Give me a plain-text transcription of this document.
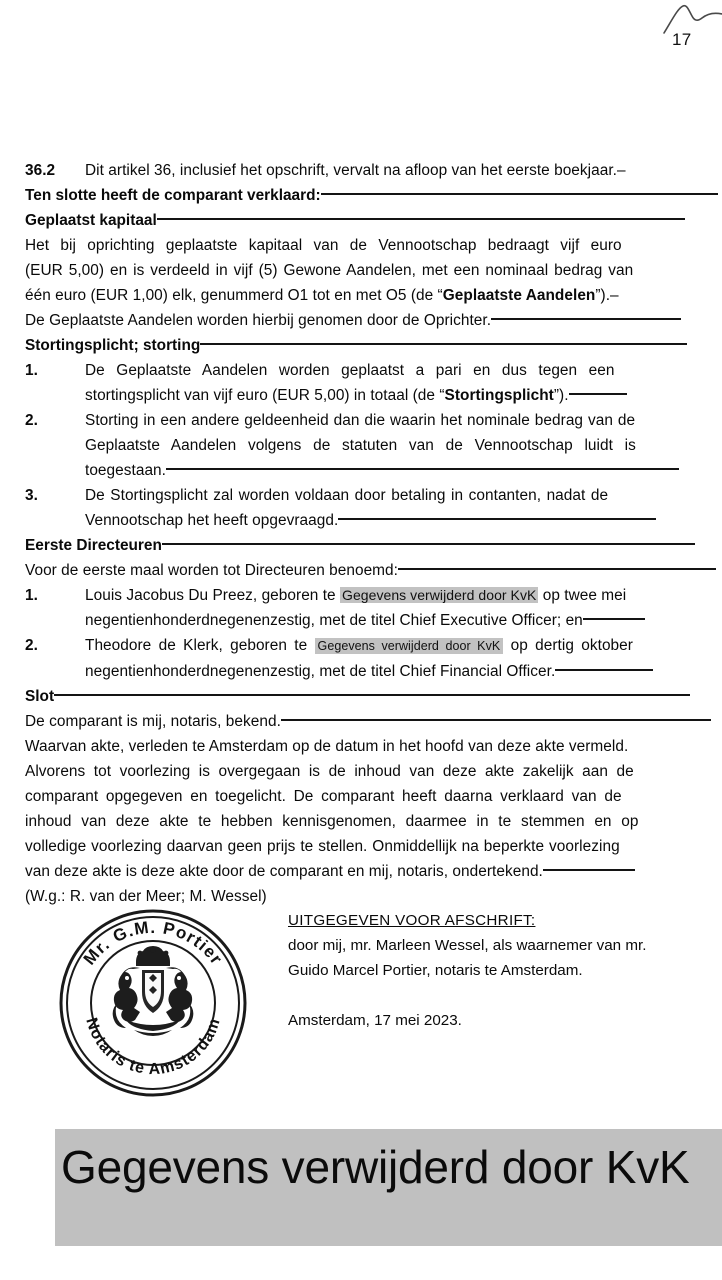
17
36.2 Dit artikel 36, inclusief het opschrift, vervalt na afloop van het eerste boekjaar.–
Ten slotte heeft de comparant verklaard:
Geplaatst kapitaal
Het bij oprichting geplaatste kapitaal van de Vennootschap bedraagt vijf euro
(EUR 5,00) en is verdeeld in vijf (5) Gewone Aandelen, met een nominaal bedrag van
één euro (EUR 1,00) elk, genummerd O1 tot en met O5 (de “Geplaatste Aandelen”).–
De Geplaatste Aandelen worden hierbij genomen door de Oprichter.
Stortingsplicht; storting
1.	De Geplaatste Aandelen worden geplaatst a pari en dus tegen een
stortingsplicht van vijf euro (EUR 5,00) in totaal (de “Stortingsplicht”).
2.	Storting in een andere geldeenheid dan die waarin het nominale bedrag van de
Geplaatste Aandelen volgens de statuten van de Vennootschap luidt is
toegestaan.
3.	De Stortingsplicht zal worden voldaan door betaling in contanten, nadat de
Vennootschap het heeft opgevraagd.
Eerste Directeuren
Voor de eerste maal worden tot Directeuren benoemd:
1.	Louis Jacobus Du Preez, geboren te Gegevens verwijderd door KvK op twee mei
negentienhonderdnegenenzestig, met de titel Chief Executive Officer; en
2.	Theodore de Klerk, geboren te Gegevens verwijderd door KvK op dertig oktober
negentienhonderdnegenenzestig, met de titel Chief Financial Officer.
Slot
De comparant is mij, notaris, bekend.
Waarvan akte, verleden te Amsterdam op de datum in het hoofd van deze akte vermeld.
Alvorens tot voorlezing is overgegaan is de inhoud van deze akte zakelijk aan de
comparant opgegeven en toegelicht. De comparant heeft daarna verklaard van de
inhoud van deze akte te hebben kennisgenomen, daarmee in te stemmen en op
volledige voorlezing daarvan geen prijs te stellen. Onmiddellijk na beperkte voorlezing
van deze akte is deze akte door de comparant en mij, notaris, ondertekend.
(W.g.: R. van der Meer; M. Wessel)
Mr. G.M. Portier
Notaris te Amsterdam
UITGEGEVEN VOOR AFSCHRIFT:
door mij, mr. Marleen Wessel, als waarnemer van mr.
Guido Marcel Portier, notaris te Amsterdam.
Amsterdam, 17 mei 2023.
Gegevens verwijderd door KvK
